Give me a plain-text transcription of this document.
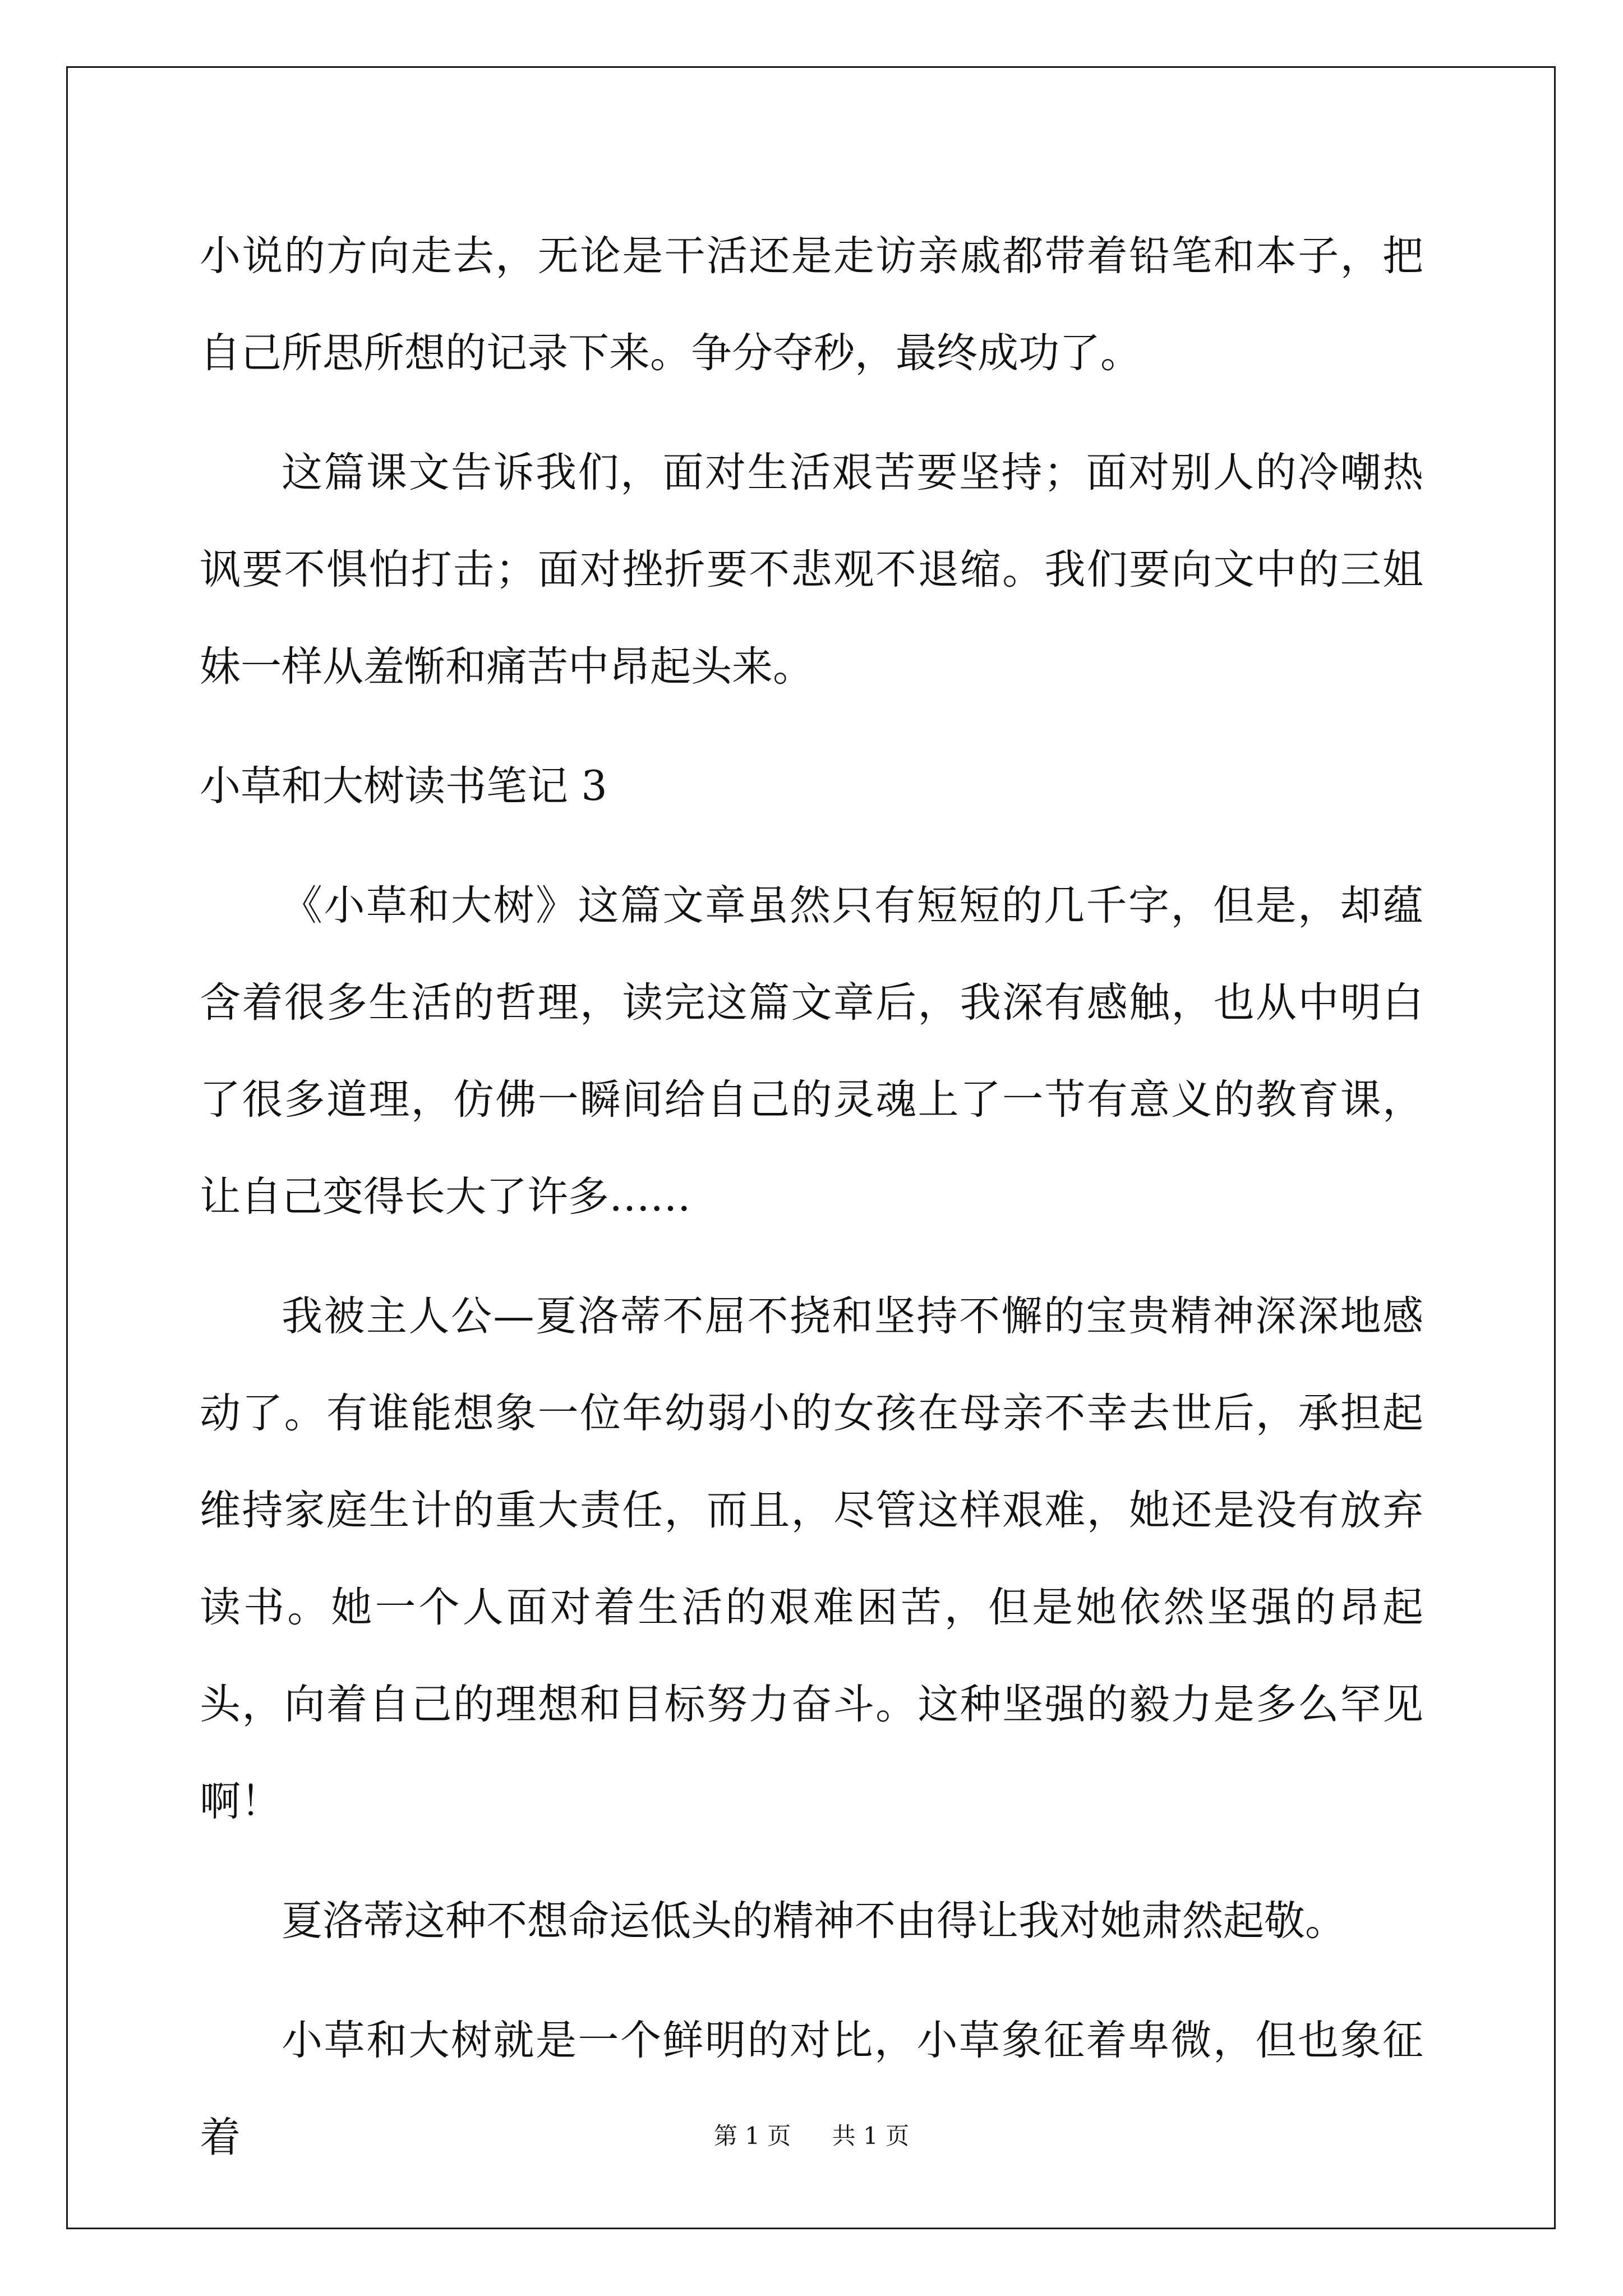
小说的方向走去，无论是干活还是走访亲戚都带着铅笔和本子，把自己所思所想的记录下来。争分夺秒，最终成功了。

这篇课文告诉我们，面对生活艰苦要坚持；面对别人的冷嘲热讽要不惧怕打击；面对挫折要不悲观不退缩。我们要向文中的三姐妹一样从羞惭和痛苦中昂起头来。

小草和大树读书笔记 3

《小草和大树》这篇文章虽然只有短短的几千字，但是，却蕴含着很多生活的哲理，读完这篇文章后，我深有感触，也从中明白了很多道理，仿佛一瞬间给自己的灵魂上了一节有意义的教育课，让自己变得长大了许多……

我被主人公—夏洛蒂不屈不挠和坚持不懈的宝贵精神深深地感动了。有谁能想象一位年幼弱小的女孩在母亲不幸去世后，承担起维持家庭生计的重大责任，而且，尽管这样艰难，她还是没有放弃读书。她一个人面对着生活的艰难困苦，但是她依然坚强的昂起头，向着自己的理想和目标努力奋斗。这种坚强的毅力是多么罕见啊！

夏洛蒂这种不想命运低头的精神不由得让我对她肃然起敬。

小草和大树就是一个鲜明的对比，小草象征着卑微，但也象征着	第 1 页 共 1 页
